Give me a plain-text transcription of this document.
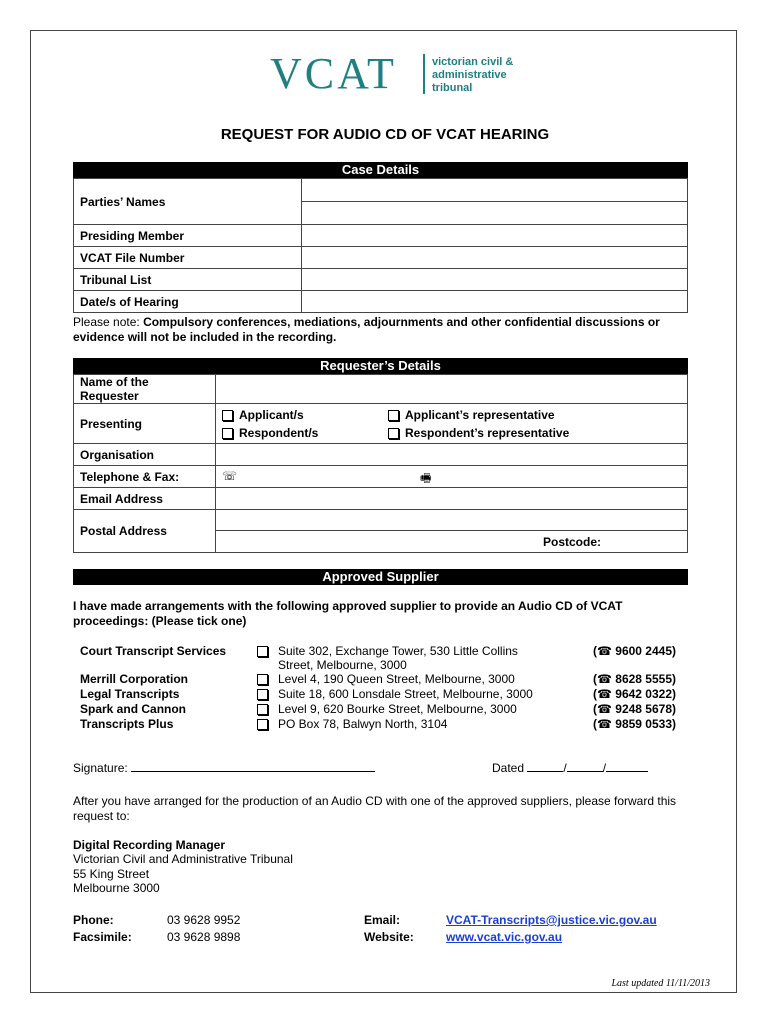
VCAT	victorian civil &
administrative
tribunal
REQUEST FOR AUDIO CD OF VCAT HEARING
Case Details
Parties’ Names	

Presiding Member	
VCAT File Number	
Tribunal List	
Date/s of Hearing	
Please note: Compulsory conferences, mediations, adjournments and other confidential discussions or evidence will not be included in the recording.
Requester’s Details
Name of the Requester	
Presenting	Applicant/s Applicant’s representative
Respondent/s Respondent’s representative

Organisation	
Telephone & Fax:	☏ 🖷

Email Address	
Postal Address	
	Postcode:
Approved Supplier
I have made arrangements with the following approved supplier to provide an Audio CD of VCAT proceedings: (Please tick one)
Court Transcript Services	Suite 302, Exchange Tower, 530 Little Collins
Street, Melbourne, 3000
(☎ 9600 2445)
Merrill Corporation	Level 4, 190 Queen Street, Melbourne, 3000	(☎ 8628 5555)
Legal Transcripts	Suite 18, 600 Lonsdale Street, Melbourne, 3000	(☎ 9642 0322)
Spark and Cannon	Level 9, 620 Bourke Street, Melbourne, 3000	(☎ 9248 5678)
Transcripts Plus	PO Box 78, Balwyn North, 3104	(☎ 9859 0533)
Signature:	Dated	/	/
After you have arranged for the production of an Audio CD with one of the approved suppliers, please forward this request to:
Digital Recording Manager
Victorian Civil and Administrative Tribunal
55 King Street
Melbourne 3000
Phone:	03 9628 9952
Facsimile:	03 9628 9898
Email:	VCAT-Transcripts@justice.vic.gov.au
Website:	www.vcat.vic.gov.au
Last updated 11/11/2013
